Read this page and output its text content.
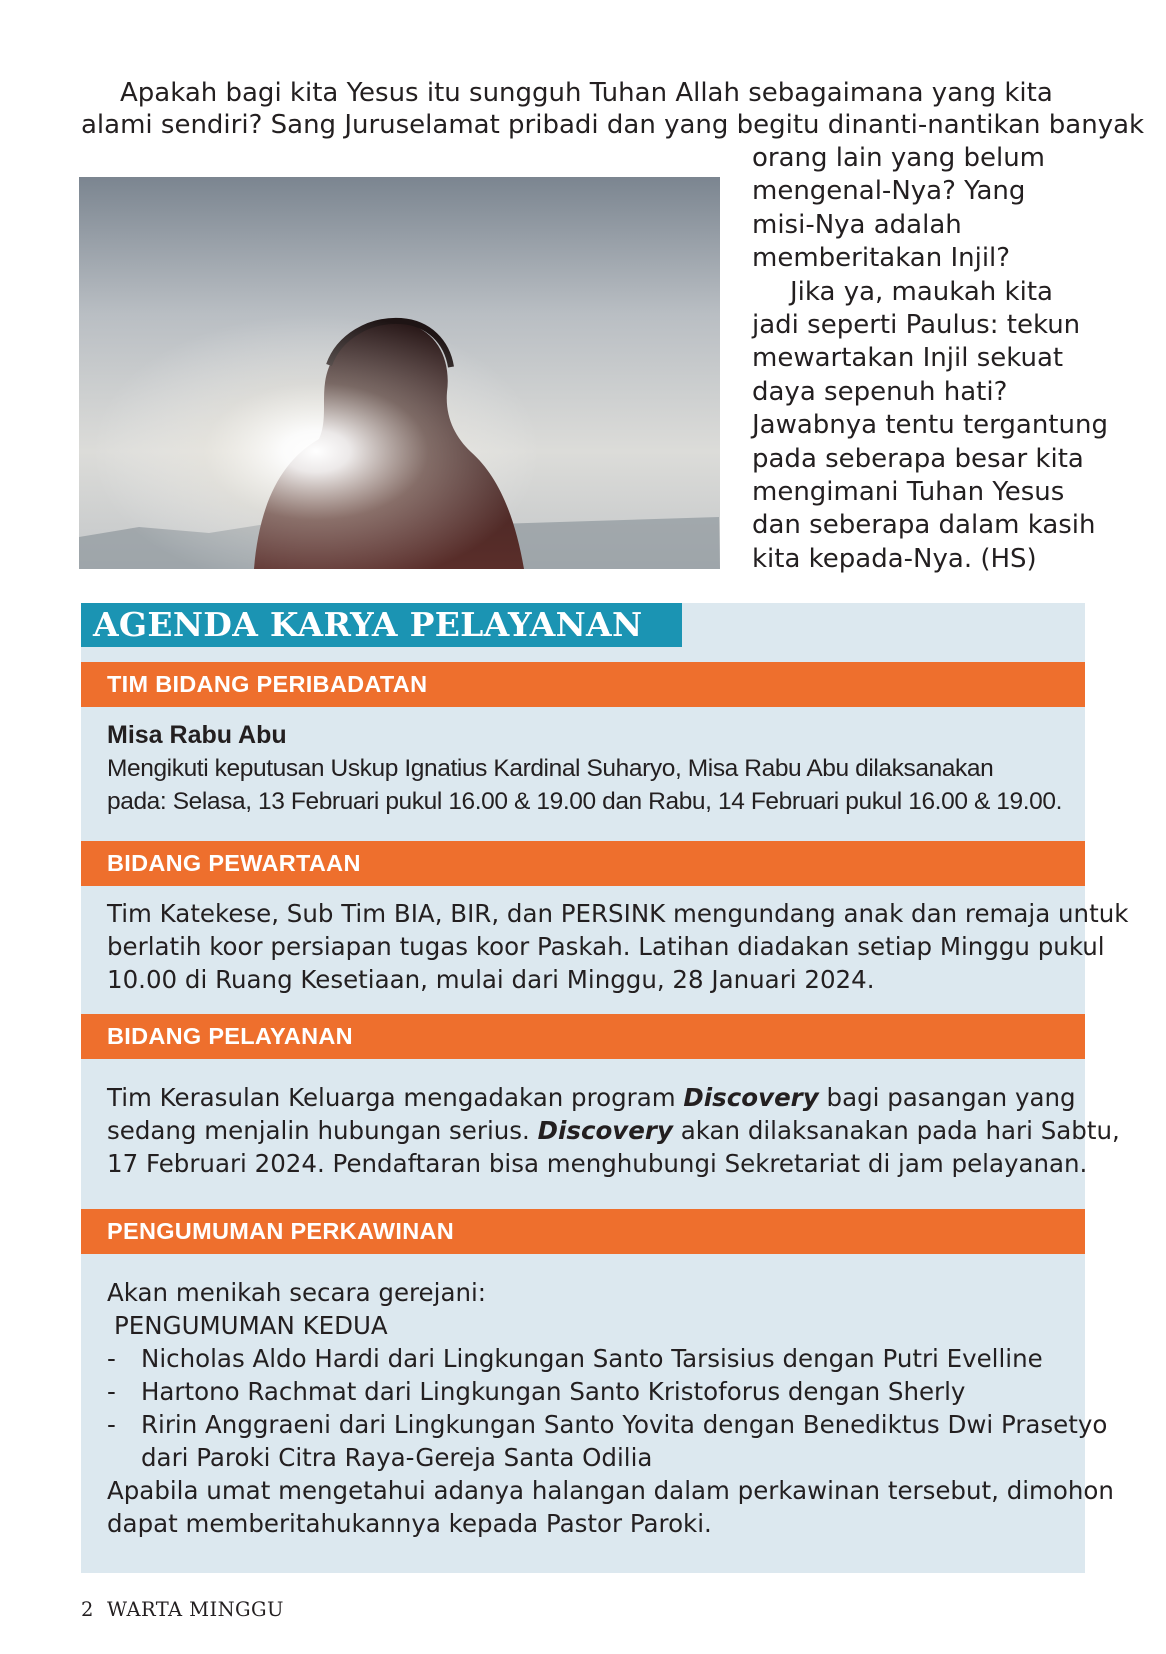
Apakah bagi kita Yesus itu sungguh Tuhan Allah sebagaimana yang kita

alami sendiri? Sang Juruselamat pribadi dan yang begitu dinanti-nantikan banyak

orang lain yang belum
mengenal-Nya? Yang
misi-Nya adalah
memberitakan Injil?
Jika ya, maukah kita
jadi seperti Paulus: tekun
mewartakan Injil sekuat
daya sepenuh hati?
Jawabnya tentu tergantung
pada seberapa besar kita
mengimani Tuhan Yesus
dan seberapa dalam kasih
kita kepada-Nya. (HS)
AGENDA KARYA PELAYANAN
TIM BIDANG PERIBADATAN
Misa Rabu Abu
Mengikuti keputusan Uskup Ignatius Kardinal Suharyo, Misa Rabu Abu dilaksanakan
pada: Selasa, 13 Februari pukul 16.00 & 19.00 dan Rabu, 14 Februari pukul 16.00 & 19.00.
BIDANG PEWARTAAN
Tim Katekese, Sub Tim BIA, BIR, dan PERSINK mengundang anak dan remaja untuk
berlatih koor persiapan tugas koor Paskah. Latihan diadakan setiap Minggu pukul
10.00 di Ruang Kesetiaan, mulai dari Minggu, 28 Januari 2024.
BIDANG PELAYANAN
Tim Kerasulan Keluarga mengadakan program Discovery bagi pasangan yang
sedang menjalin hubungan serius. Discovery akan dilaksanakan pada hari Sabtu,
17 Februari 2024. Pendaftaran bisa menghubungi Sekretariat di jam pelayanan.
PENGUMUMAN PERKAWINAN
Akan menikah secara gerejani:
PENGUMUMAN KEDUA
- Nicholas Aldo Hardi dari Lingkungan Santo Tarsisius dengan Putri Evelline
- Hartono Rachmat dari Lingkungan Santo Kristoforus dengan Sherly
- Ririn Anggraeni dari Lingkungan Santo Yovita dengan Benediktus Dwi Prasetyo
dari Paroki Citra Raya-Gereja Santa Odilia
Apabila umat mengetahui adanya halangan dalam perkawinan tersebut, dimohon
dapat memberitahukannya kepada Pastor Paroki.
2 WARTA MINGGU
